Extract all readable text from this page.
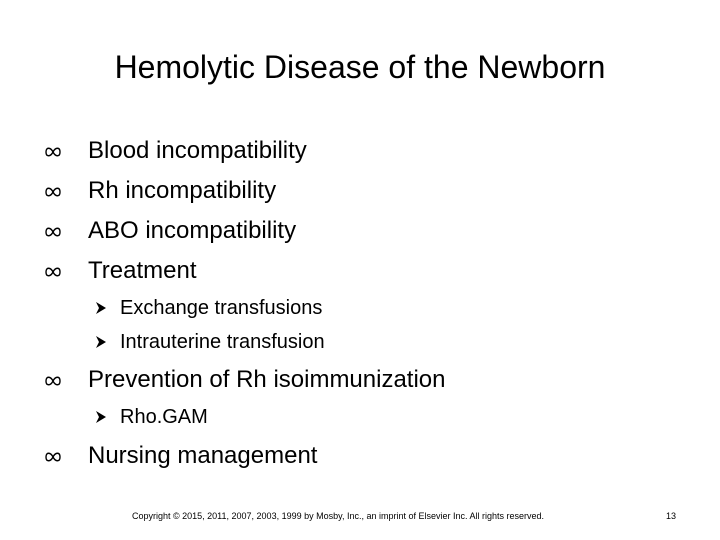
Hemolytic Disease of the Newborn
Blood incompatibility
Rh incompatibility
ABO incompatibility
Treatment
Exchange transfusions
Intrauterine transfusion
Prevention of Rh isoimmunization
Rho.GAM
Nursing management
Copyright © 2015, 2011, 2007, 2003, 1999 by Mosby, Inc., an imprint of Elsevier Inc. All rights reserved.	13
